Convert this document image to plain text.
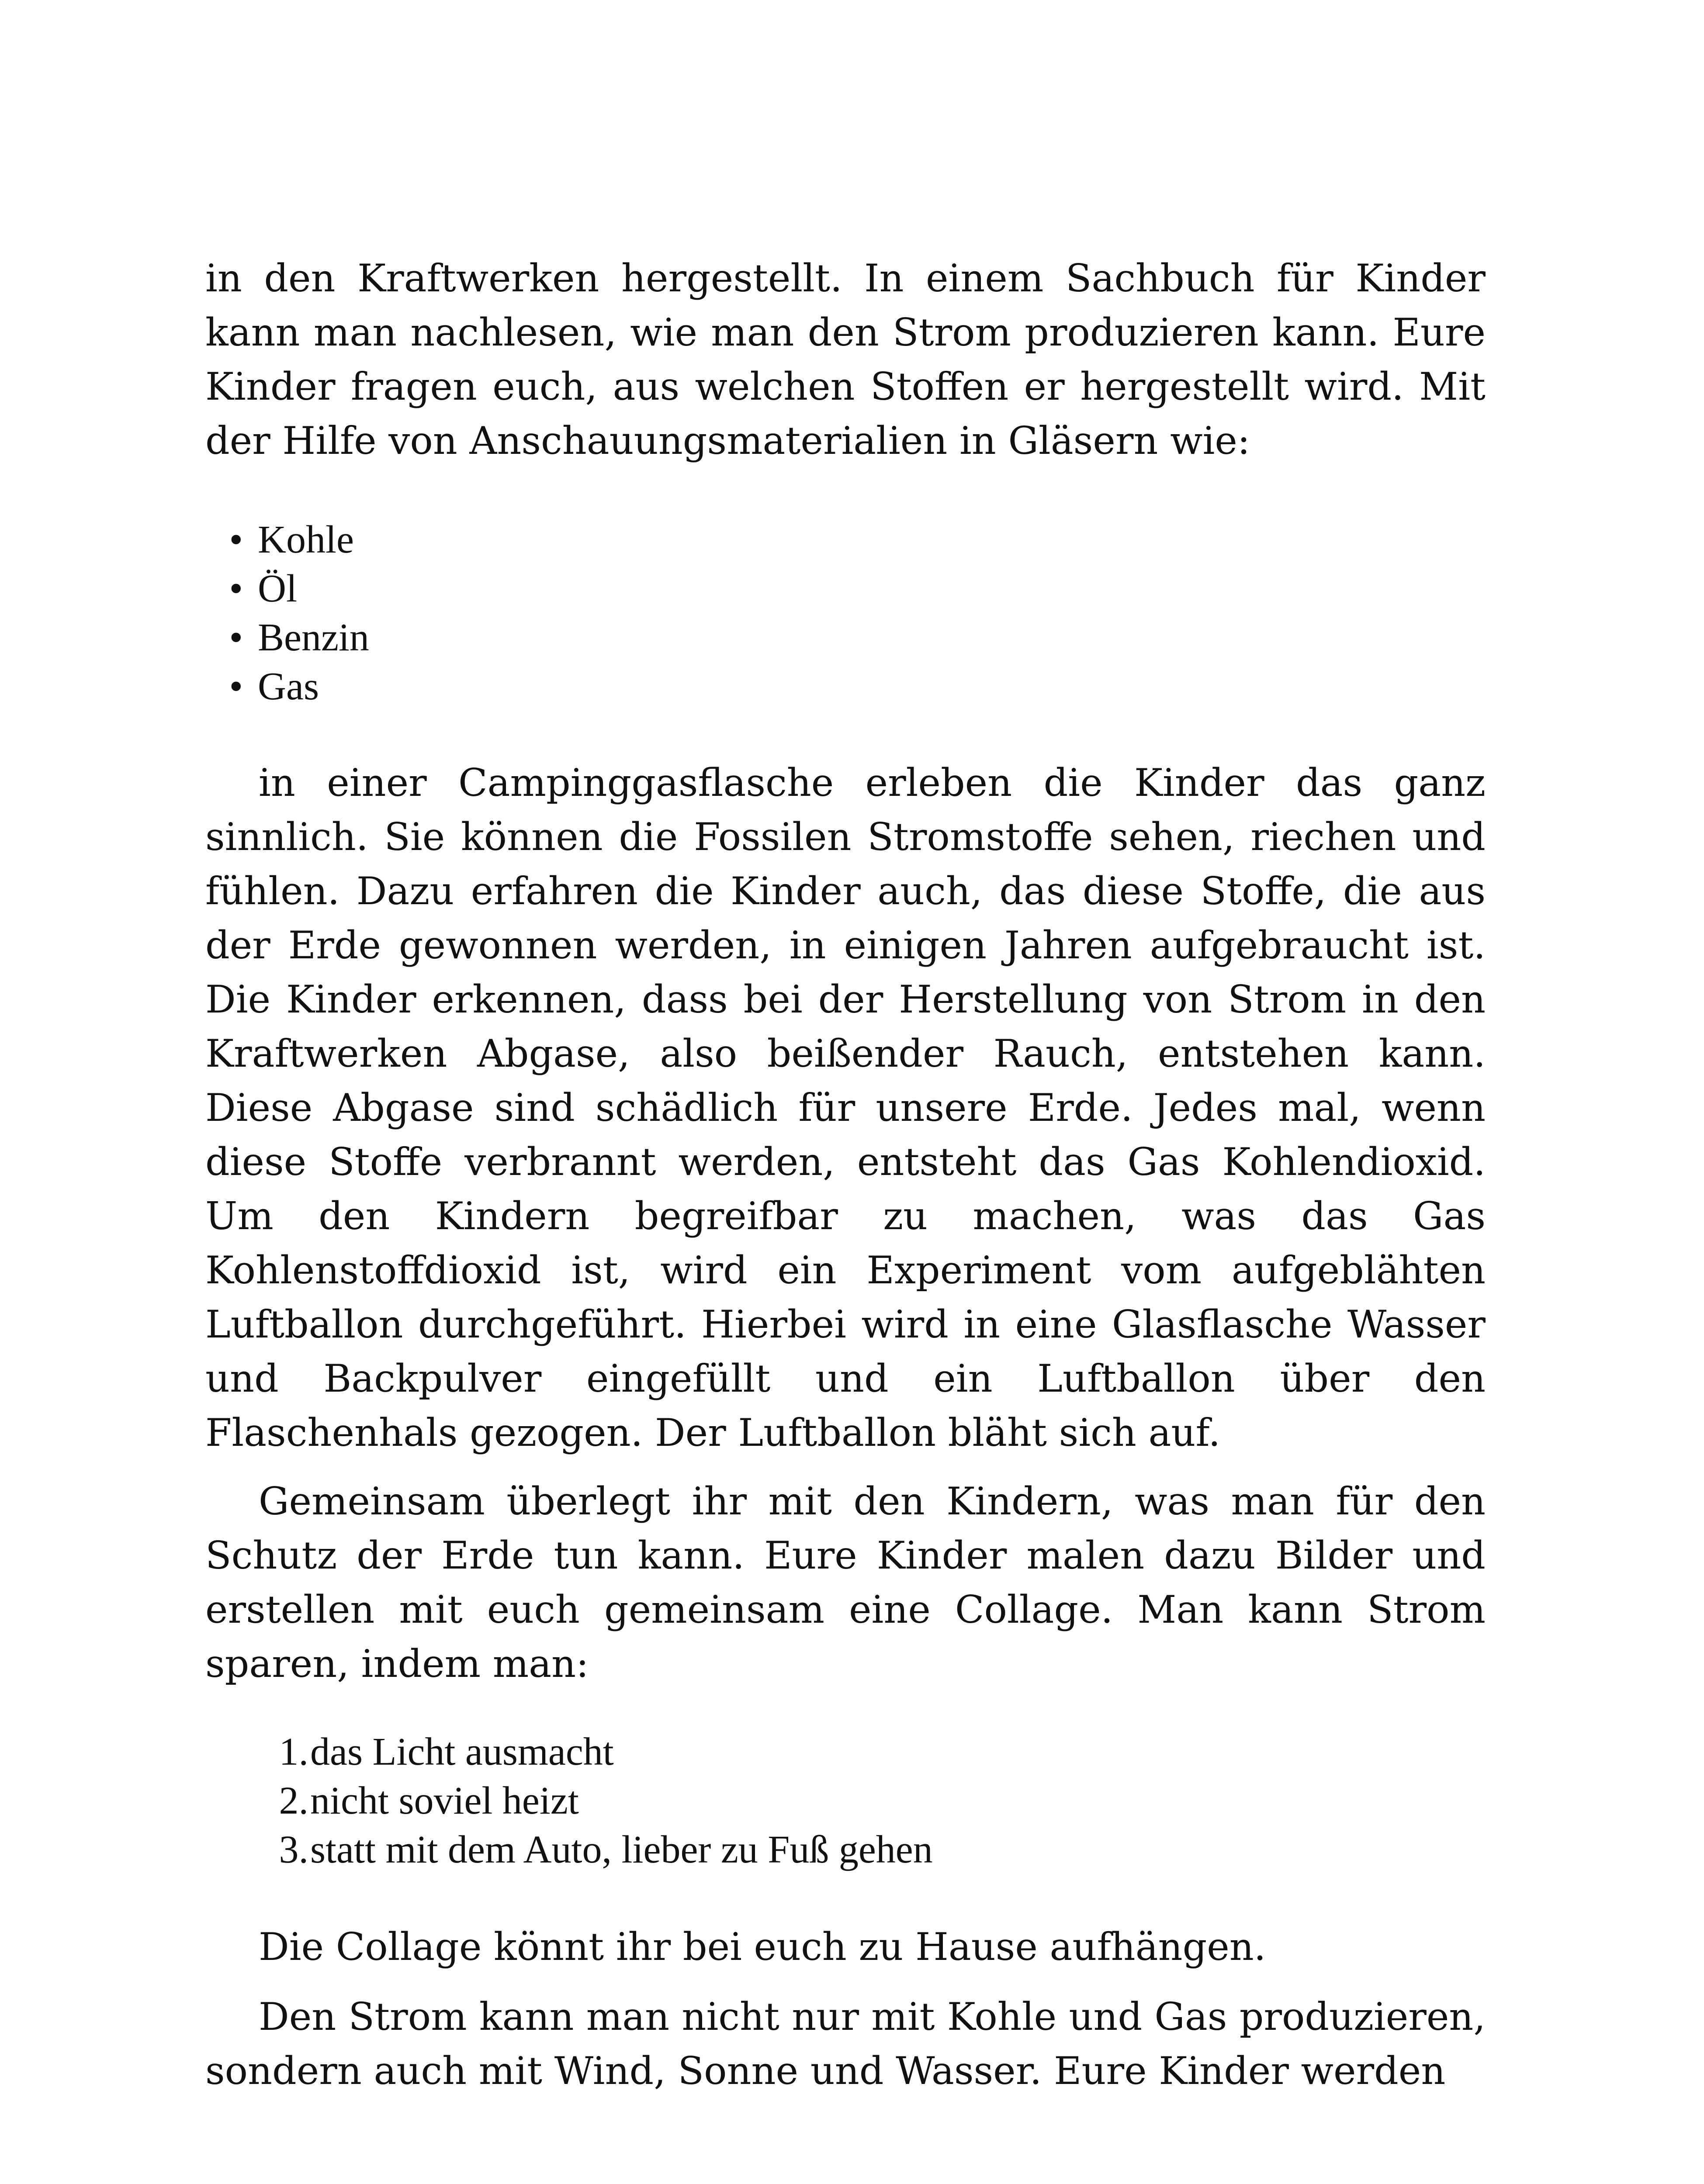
in den Kraftwerken hergestellt. In einem Sachbuch für Kinder kann man nachlesen, wie man den Strom produzieren kann. Eure Kinder fragen euch, aus welchen Stoffen er hergestellt wird. Mit der Hilfe von Anschauungsmaterialien in Gläsern wie:

• Kohle
• Öl
• Benzin
• Gas

in einer Campinggasflasche erleben die Kinder das ganz sinnlich. Sie können die Fossilen Stromstoffe sehen, riechen und fühlen. Dazu erfahren die Kinder auch, das diese Stoffe, die aus der Erde gewonnen werden, in einigen Jahren aufgebraucht ist. Die Kinder erkennen, dass bei der Herstellung von Strom in den Kraftwerken Abgase, also beißender Rauch, entstehen kann. Diese Abgase sind schädlich für unsere Erde. Jedes mal, wenn diese Stoffe verbrannt werden, entsteht das Gas Kohlendioxid. Um den Kindern begreifbar zu machen, was das Gas Kohlenstoffdioxid ist, wird ein Experiment vom aufgeblähten Luftballon durchgeführt. Hierbei wird in eine Glasflasche Wasser und Backpulver eingefüllt und ein Luftballon über den Flaschenhals gezogen. Der Luftballon bläht sich auf.

Gemeinsam überlegt ihr mit den Kindern, was man für den Schutz der Erde tun kann. Eure Kinder malen dazu Bilder und erstellen mit euch gemeinsam eine Collage. Man kann Strom sparen, indem man:

1.das Licht ausmacht
2.nicht soviel heizt
3.statt mit dem Auto, lieber zu Fuß gehen

Die Collage könnt ihr bei euch zu Hause aufhängen.

Den Strom kann man nicht nur mit Kohle und Gas produzieren, sondern auch mit Wind, Sonne und Wasser. Eure Kinder werden
